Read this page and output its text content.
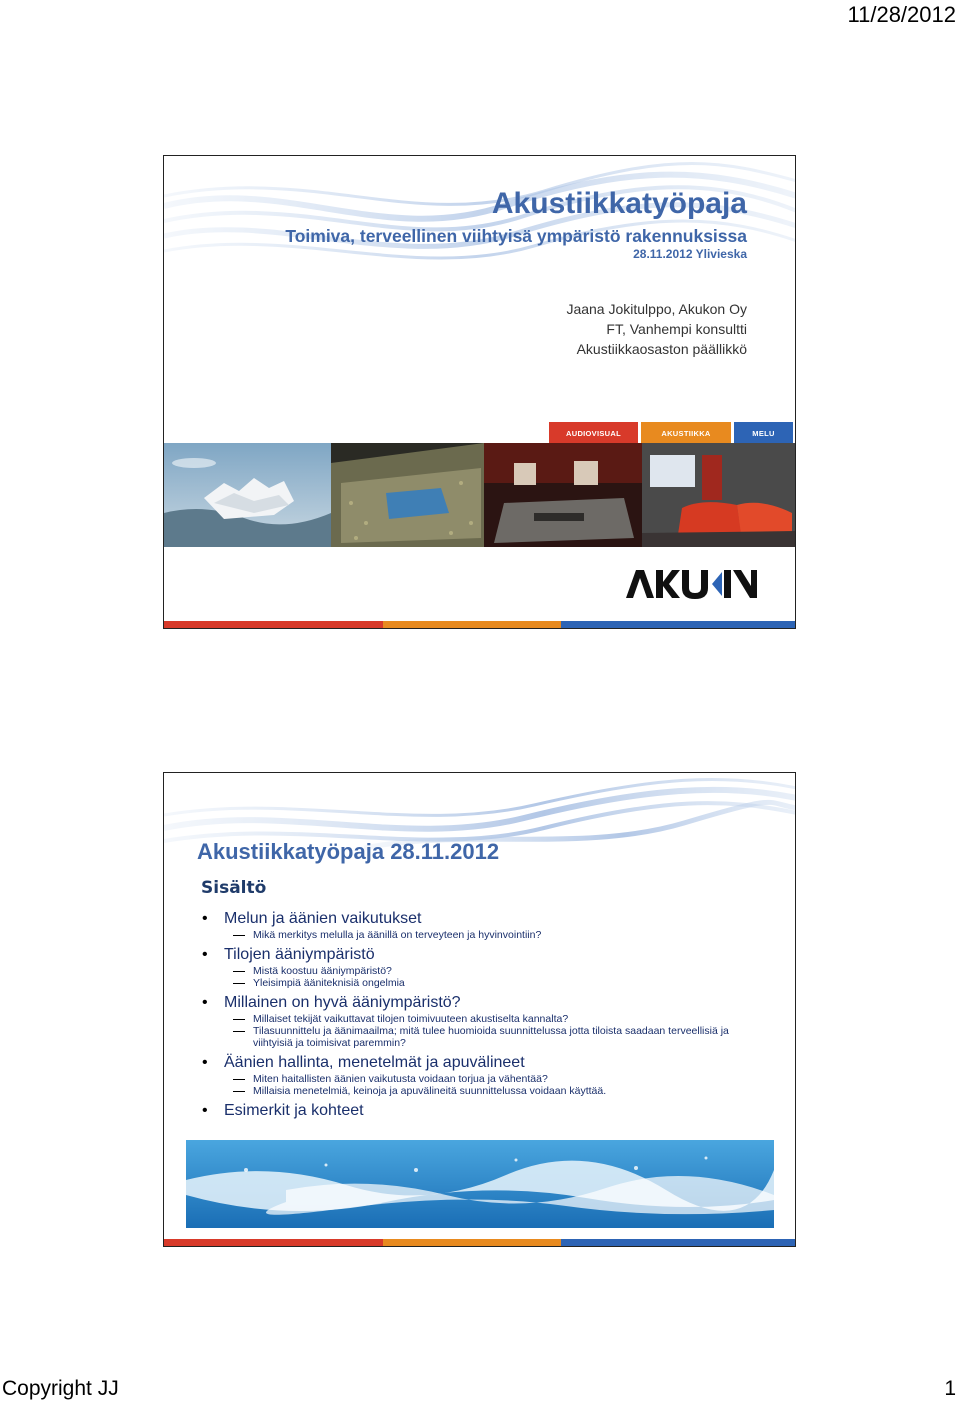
11/28/2012
Akustiikkatyöpaja
Toimiva, terveellinen viihtyisä ympäristö rakennuksissa
28.11.2012 Ylivieska
Jaana Jokitulppo, Akukon Oy
FT, Vanhempi konsultti
Akustiikkaosaston päällikkö
AUDIOVISUAL	AKUSTIIKKA	MELU
Akustiikkatyöpaja 28.11.2012
Sisältö
• Melun ja äänien vaikutukset
Mikä merkitys melulla ja äänillä on terveyteen ja hyvinvointiin?
• Tilojen ääniympäristö
Mistä koostuu ääniympäristö?
Yleisimpiä ääniteknisiä ongelmia
• Millainen on hyvä ääniympäristö?
Millaiset tekijät vaikuttavat tilojen toimivuuteen akustiselta kannalta?
Tilasuunnittelu ja äänimaailma; mitä tulee huomioida suunnittelussa jotta tiloista saadaan terveellisiä ja viihtyisiä ja toimisivat paremmin?
• Äänien hallinta, menetelmät ja apuvälineet
Miten haitallisten äänien vaikutusta voidaan torjua ja vähentää?
Millaisia menetelmiä, keinoja ja apuvälineitä suunnittelussa voidaan käyttää.
• Esimerkit ja kohteet
Copyright JJ	1
